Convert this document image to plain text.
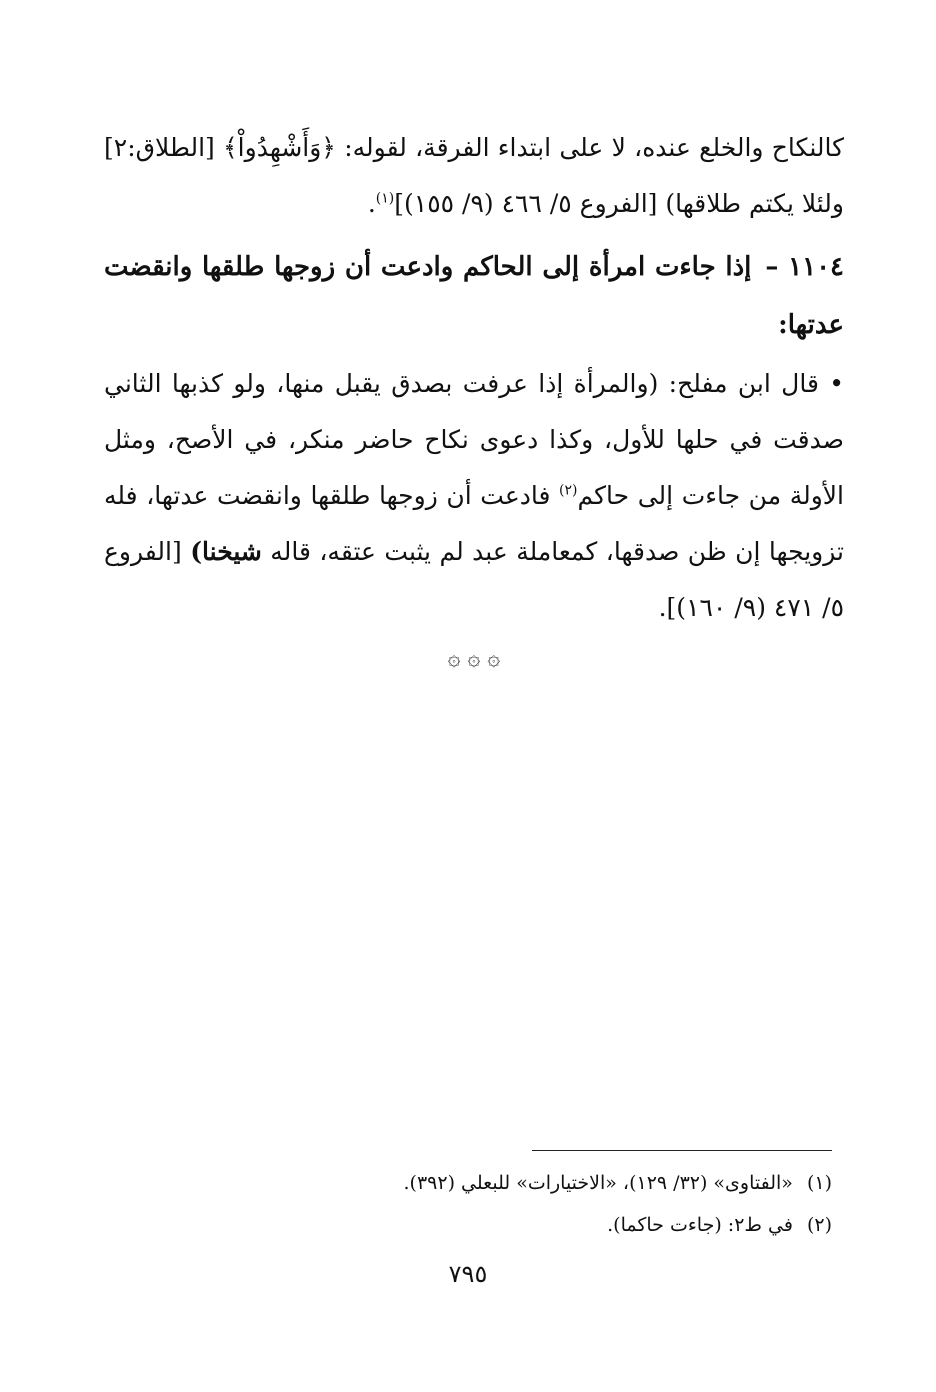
كالنكاح والخلع عنده، لا على ابتداء الفرقة، لقوله: ﴿وَأَشْهِدُواْ﴾ [الطلاق:٢] ولئلا يكتم طلاقها) [الفروع ٥/ ٤٦٦ (٩/ ١٥٥)]$^{(١)}$.

١١٠٤ –إذا جاءت امرأة إلى الحاكم وادعت أن زوجها طلقها وانقضت عدتها:

• قال ابن مفلح: (والمرأة إذا عرفت بصدق يقبل منها، ولو كذبها الثاني صدقت في حلها للأول، وكذا دعوى نكاح حاضر منكر، في الأصح، ومثل الأولة من جاءت إلى حاكم$^{(٢)}$ فادعت أن زوجها طلقها وانقضت عدتها، فله تزويجها إن ظن صدقها، كمعاملة عبد لم يثبت عتقه، قاله شيخنا) [الفروع ٥/ ٤٧١ (٩/ ١٦٠)].

۞ ۞ ۞
(١)«الفتاوى» (٣٢/ ١٢٩)، «الاختيارات» للبعلي (٣٩٢).
(٢)في ط٢: (جاءت حاكما).
٧٩٥
